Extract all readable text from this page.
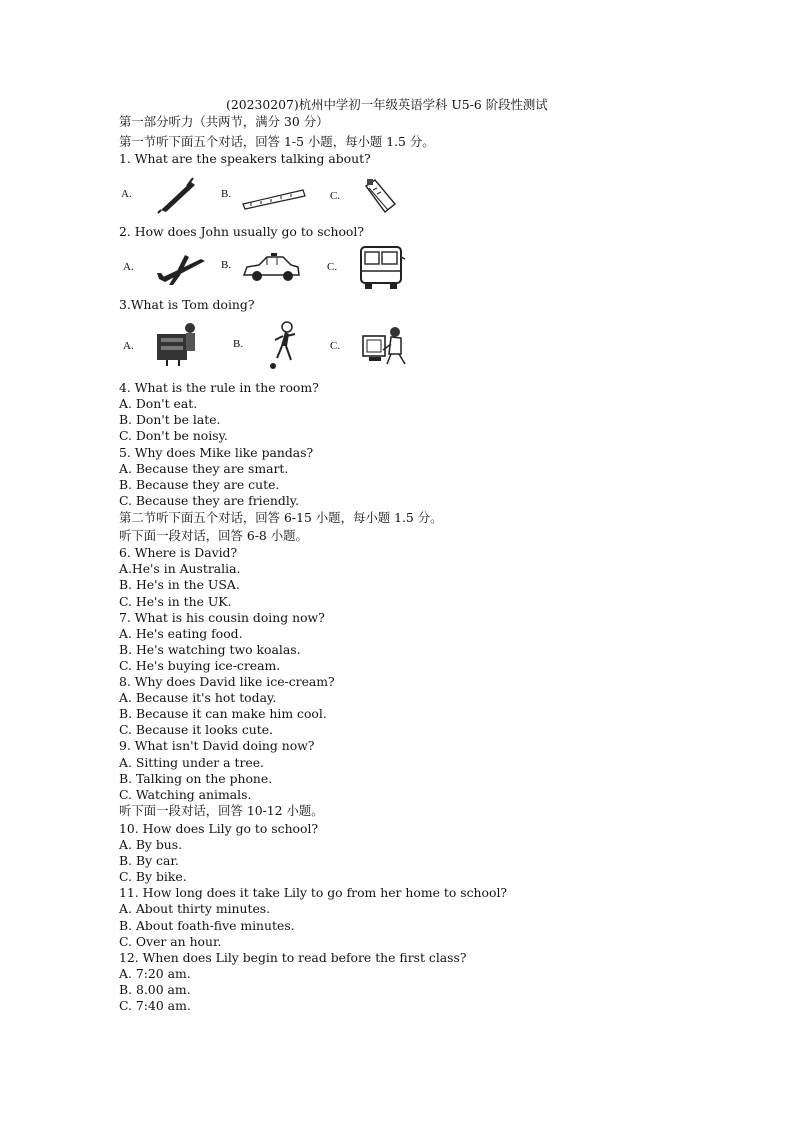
(20230207)杭州中学初一年级英语学科 U5-6 阶段性测试
第一部分听力（共两节，满分 30 分）
第一节听下面五个对话，回答 1-5 小题，每小题 1.5 分。
1. What are the speakers talking about?
A.	B.	C.
2. How does John usually go to school?
A.	B.	C.
3.What is Tom doing?
A.	B.	C.
4. What is the rule in the room?
A. Don't eat.
B. Don't be late.
C. Don't be noisy.
5. Why does Mike like pandas?
A. Because they are smart.
B. Because they are cute.
C. Because they are friendly.
第二节听下面五个对话，回答 6-15 小题，每小题 1.5 分。
听下面一段对话，回答 6-8 小题。
6. Where is David?
A.He's in Australia.
B. He's in the USA.
C. He's in the UK.
7. What is his cousin doing now?
A. He's eating food.
B. He's watching two koalas.
C. He's buying ice-cream.
8. Why does David like ice-cream?
A. Because it's hot today.
B. Because it can make him cool.
C. Because it looks cute.
9. What isn't David doing now?
A. Sitting under a tree.
B. Talking on the phone.
C. Watching animals.
听下面一段对话，回答 10-12 小题。
10. How does Lily go to school?
A. By bus.
B. By car.
C. By bike.
11. How long does it take Lily to go from her home to school?
A. About thirty minutes.
B. About foath-five minutes.
C. Over an hour.
12. When does Lily begin to read before the first class?
A. 7:20 am.
B. 8.00 am.
C. 7:40 am.
